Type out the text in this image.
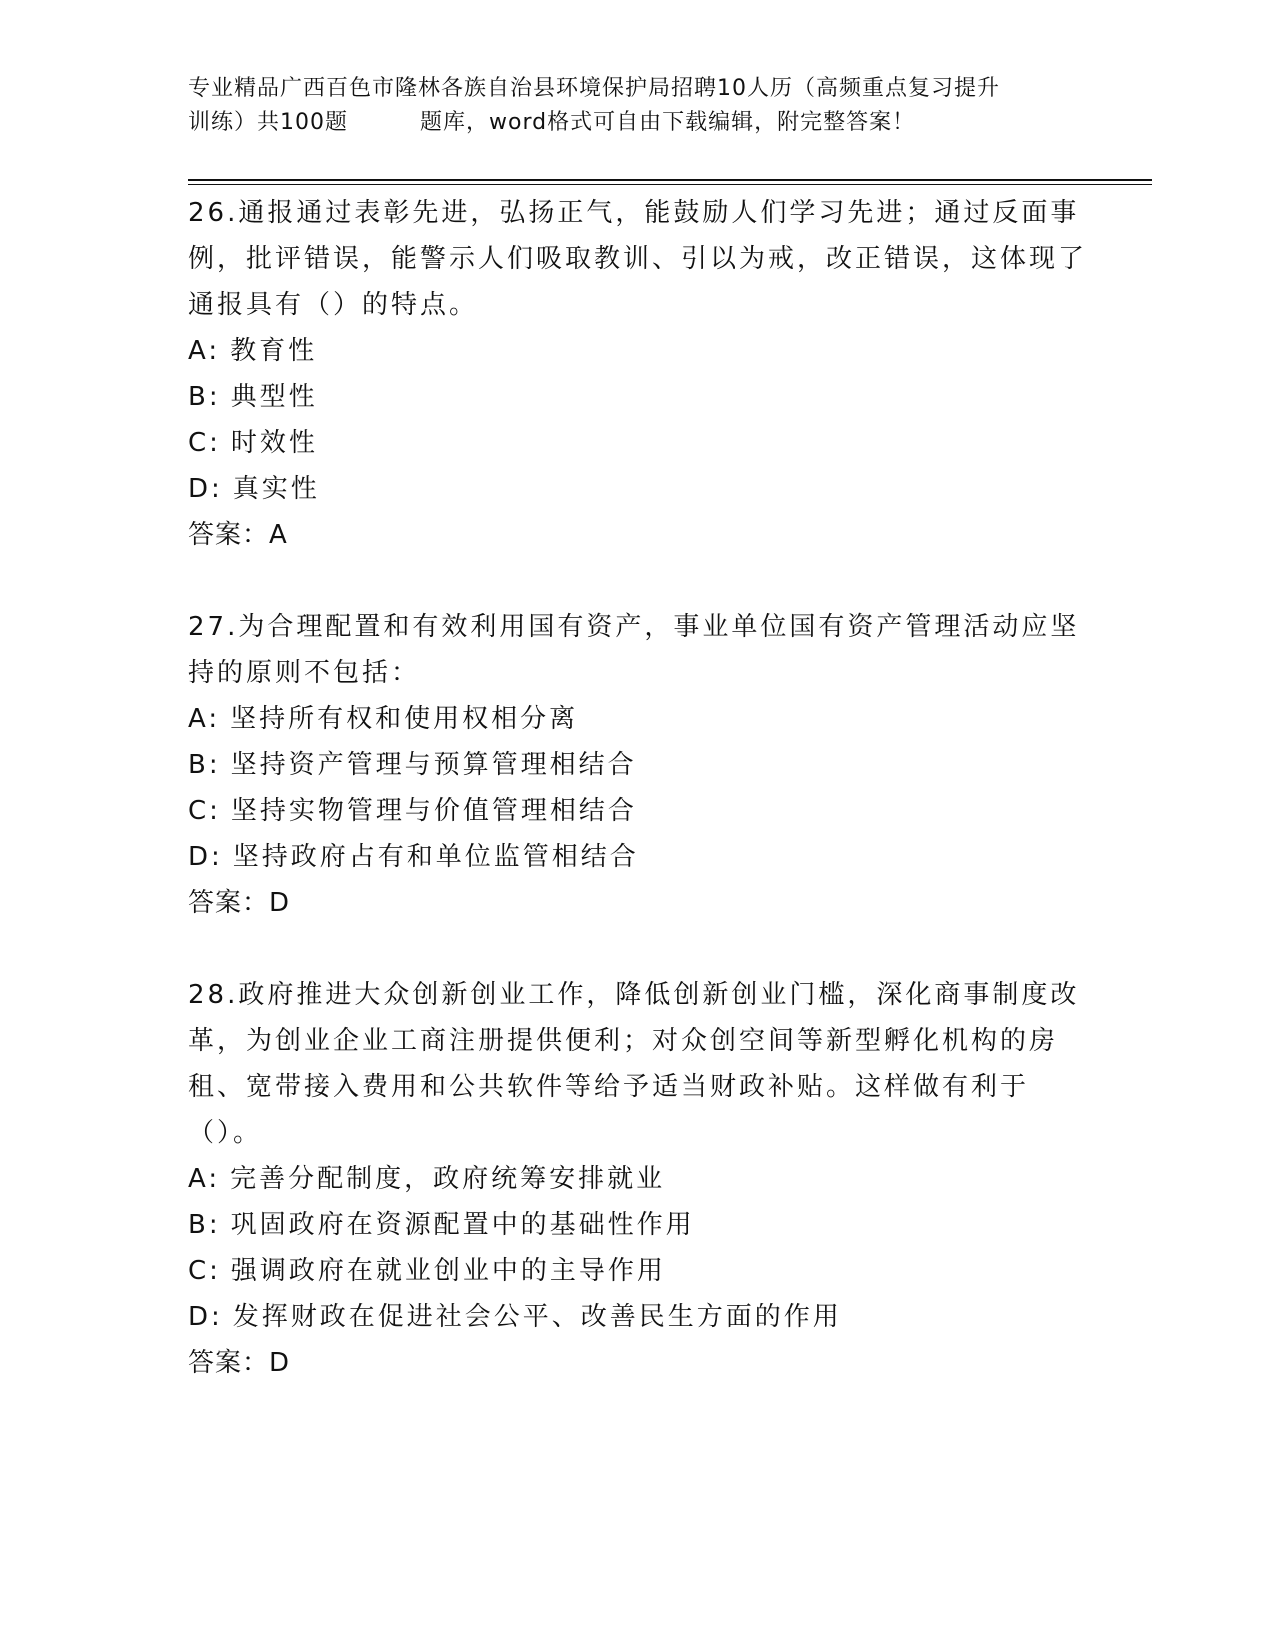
专业精品广西百色市隆林各族自治县环境保护局招聘10人历（高频重点复习提升
训练）共100题	题库，word格式可自由下载编辑，附完整答案！
26.通报通过表彰先进，弘扬正气，能鼓励人们学习先进；通过反面事例，批评错误，能警示人们吸取教训、引以为戒，改正错误，这体现了通报具有（）的特点。
A: 教育性
B: 典型性
C: 时效性
D: 真实性
答案：A
27.为合理配置和有效利用国有资产，事业单位国有资产管理活动应坚持的原则不包括：
A: 坚持所有权和使用权相分离
B: 坚持资产管理与预算管理相结合
C: 坚持实物管理与价值管理相结合
D: 坚持政府占有和单位监管相结合
答案：D
28.政府推进大众创新创业工作，降低创新创业门槛，深化商事制度改革，为创业企业工商注册提供便利；对众创空间等新型孵化机构的房租、宽带接入费用和公共软件等给予适当财政补贴。这样做有利于（）。
A: 完善分配制度，政府统筹安排就业
B: 巩固政府在资源配置中的基础性作用
C: 强调政府在就业创业中的主导作用
D: 发挥财政在促进社会公平、改善民生方面的作用
答案：D
